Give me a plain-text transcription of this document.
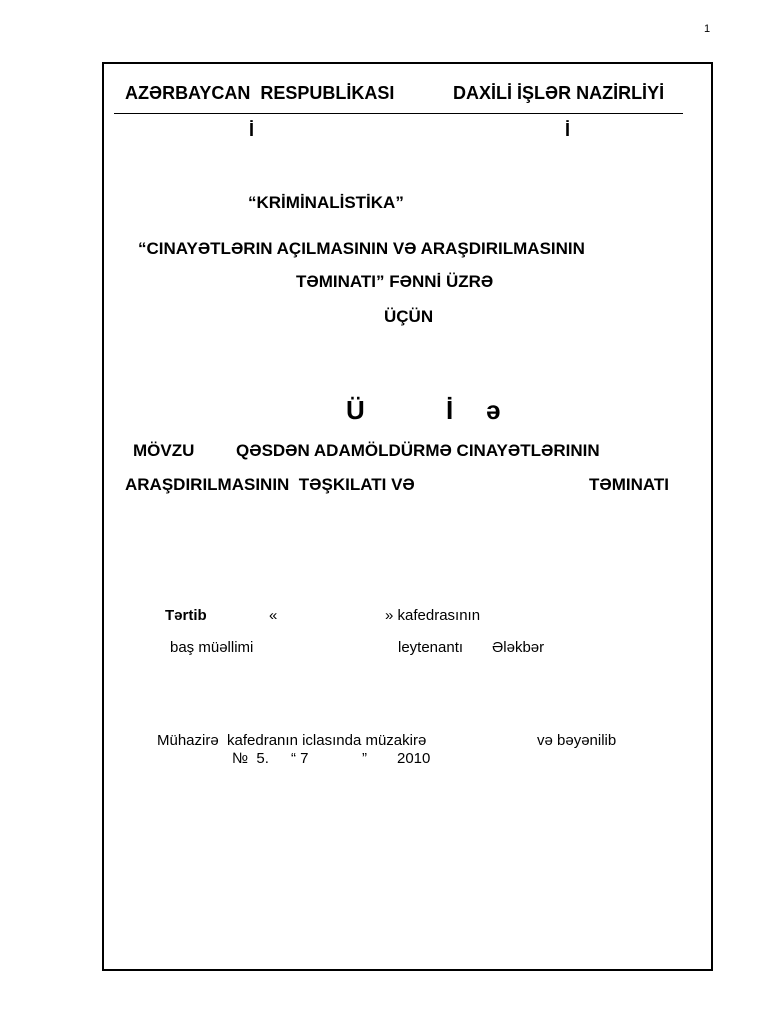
1
AZƏRBAYCAN  RESPUBLİKASI	DAXİLİ İŞLƏR NAZİRLİYİ
İ	İ
“KRİMİNALİSTİKA”
“CINAYƏTLƏRIN AÇILMASININ VƏ ARAŞDIRILMASININ
TƏMINATI” FƏNNİ ÜZRƏ
ÜÇÜN
Ü	İ ə
MÖVZU QƏSDƏN ADAMÖLDÜRMƏ CINAYƏTLƏRININ
ARAŞDIRILMASININ  TƏŞKILATI VƏ	TƏMINATI
Tərtib	«	» kafedrasının
baş müəllimi	leytenantı Ələkbər
Mühazirə  kafedranın iclasında müzakirə	və bəyənilib
№  5. “ 7	” 2010
